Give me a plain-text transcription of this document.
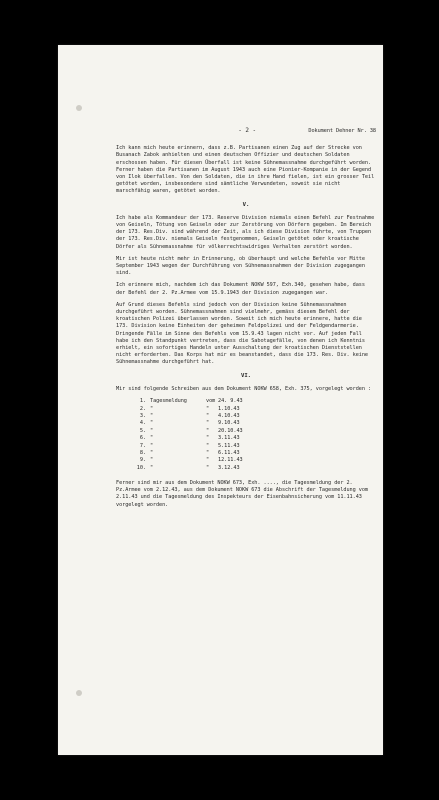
- 2 -	Dokument Dehner Nr. 38

Ich kann mich heute erinnern, dass z.B. Partisanen einen Zug auf der Strecke von Busanach Zabok anhielten und einen deutschen Offizier und deutschen Soldaten erschossen haben. Für diesen Überfall ist keine Sühnemassnahme durchgeführt worden. Ferner haben die Partisanen im August 1943 auch eine Pionier-Kompanie in der Gegend von Ilok überfallen. Von den Soldaten, die in ihre Hand fielen, ist ein grosser Teil getötet worden, insbesondere sind sämtliche Verwundeten, soweit sie nicht marschfähig waren, getötet worden.

V.

Ich habe als Kommandeur der 173. Reserve Division niemals einen Befehl zur Festnahme von Geiseln, Tötung von Geiseln oder zur Zerstörung von Dörfern gegeben. Im Bereich der 173. Res.Div. sind während der Zeit, als ich diese Division führte, von Truppen der 173. Res.Div. niemals Geiseln festgenommen, Geiseln getötet oder kroatische Dörfer als Sühnemassnahme für völkerrechtswidriges Verhalten zerstört worden.

Mir ist heute nicht mehr in Erinnerung, ob überhaupt und welche Befehle vor Mitte September 1943 wegen der Durchführung von Sühnemassnahmen der Division zugegangen sind.

Ich erinnere mich, nachdem ich das Dokument NOKW 597, Exh.340, gesehen habe, dass der Befehl der 2. Pz.Armee vom 15.9.1943 der Division zugegangen war.

Auf Grund dieses Befehls sind jedoch von der Division keine Sühnemassnahmen durchgeführt worden. Sühnemassnahmen sind vielmehr, gemäss diesem Befehl der kroatischen Polizei überlassen worden. Soweit ich mich heute erinnere, hatte die 173. Division keine Einheiten der geheimen Feldpolizei und der Feldgendarmerie. Dringende Fälle im Sinne des Befehls vom 15.9.43 lagen nicht vor. Auf jeden Fall habe ich den Standpunkt vertreten, dass die Sabotagefälle, von denen ich Kenntnis erhielt, ein sofortiges Handeln unter Ausschaltung der kroatischen Dienststellen nicht erforderten. Das Korps hat mir es beanstandet, dass die 173. Res. Div. keine Sühnemassnahme durchgeführt hat.

VI.

Mir sind folgende Schreiben aus dem Dokument NOKW 658, Exh. 375, vorgelegt worden :

1. Tagesmeldung	vom 24. 9.43
2. "	"	1.10.43
3. "	"	4.10.43
4. "	"	9.10.43
5. "	"	20.10.43
6. "	"	3.11.43
7. "	"	5.11.43
8. "	"	6.11.43
9. "	"	12.11.43
10. "	"	3.12.43

Ferner sind mir aus dem Dokument NOKW 673, Exh. ...., die Tagesmeldung der 2. Pz.Armee vom 2.12.43, aus dem Dokument NOKW 673 die Abschrift der Tagesmeldung vom 2.11.43 und die Tagesmeldung des Inspekteurs der Eisenbahnsicherung vom 11.11.43 vorgelegt worden.
